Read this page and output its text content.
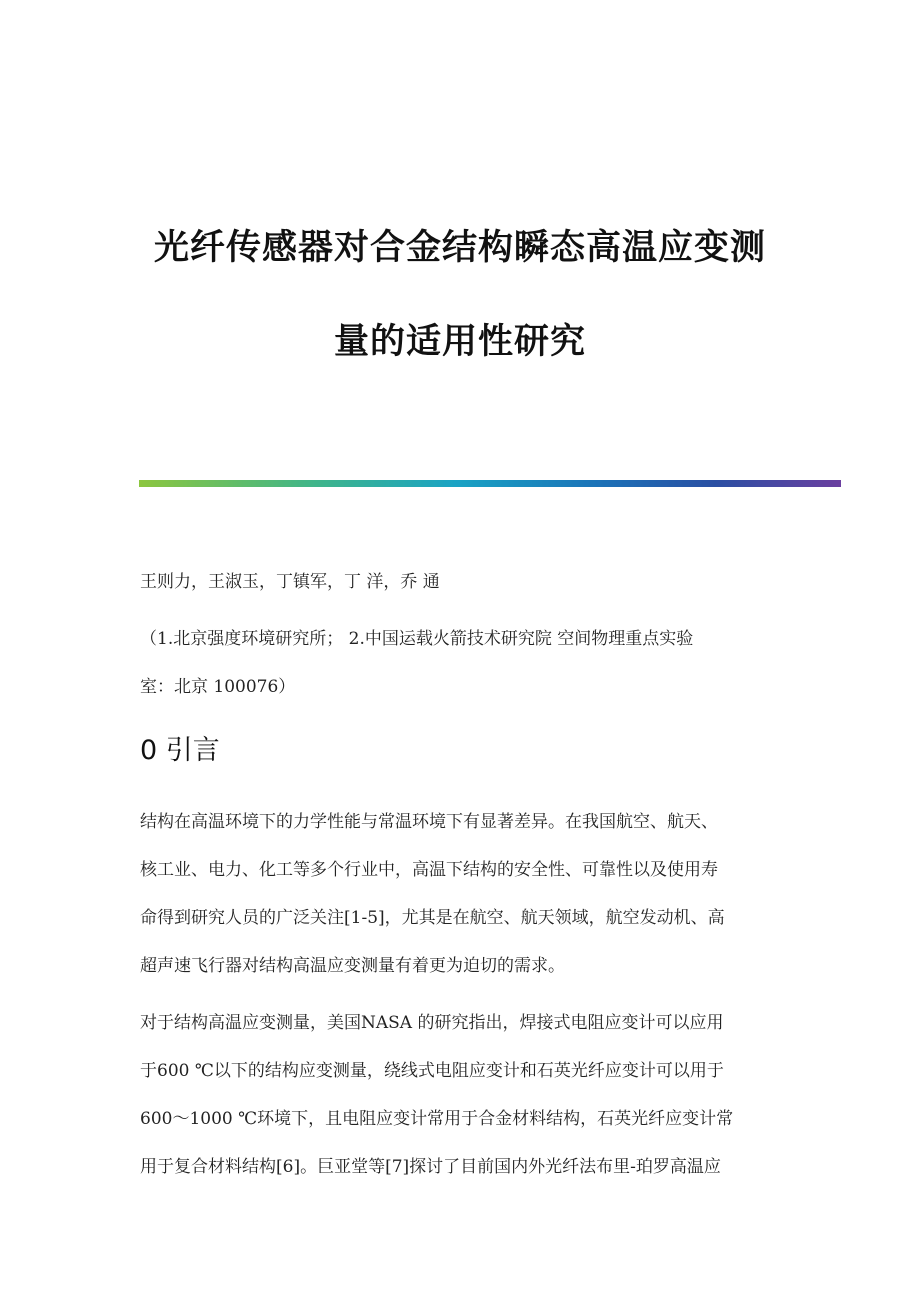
光纤传感器对合金结构瞬态高温应变测
量的适用性研究
王则力，王淑玉，丁镇军，丁 洋，乔 通
（1.北京强度环境研究所； 2.中国运载火箭技术研究院 空间物理重点实验
室：北京 100076）
0 引言
结构在高温环境下的力学性能与常温环境下有显著差异。在我国航空、航天、
核工业、电力、化工等多个行业中，高温下结构的安全性、可靠性以及使用寿
命得到研究人员的广泛关注[1-5]，尤其是在航空、航天领域，航空发动机、高
超声速飞行器对结构高温应变测量有着更为迫切的需求。
对于结构高温应变测量，美国NASA 的研究指出，焊接式电阻应变计可以应用
于600 ℃以下的结构应变测量，绕线式电阻应变计和石英光纤应变计可以用于
600～1000 ℃环境下，且电阻应变计常用于合金材料结构，石英光纤应变计常
用于复合材料结构[6]。巨亚堂等[7]探讨了目前国内外光纤法布里-珀罗高温应
